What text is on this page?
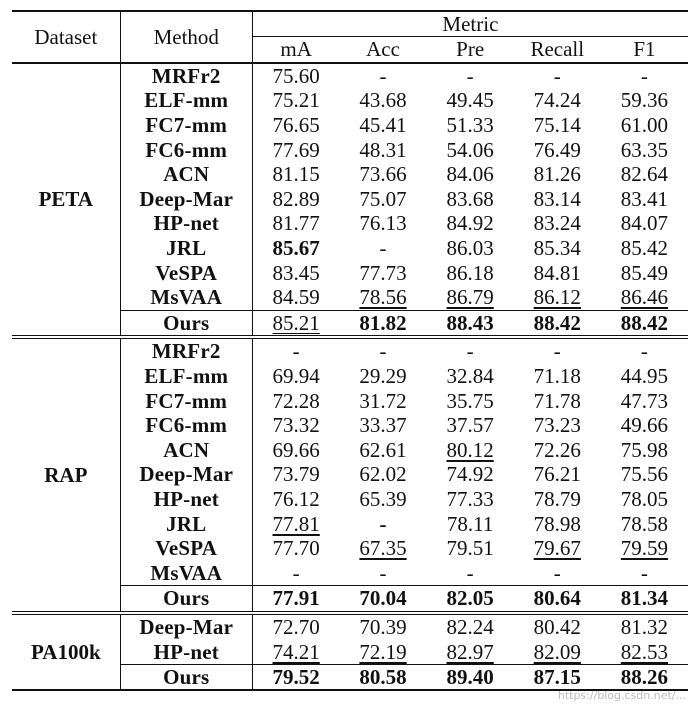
Dataset	Method	Metric				
		mA	Acc	Pre	Recall	F1
PETA	MRFr2	75.60	-	-	-	-
	ELF-mm	75.21	43.68	49.45	74.24	59.36
	FC7-mm	76.65	45.41	51.33	75.14	61.00
	FC6-mm	77.69	48.31	54.06	76.49	63.35
	ACN	81.15	73.66	84.06	81.26	82.64
	Deep-Mar	82.89	75.07	83.68	83.14	83.41
	HP-net	81.77	76.13	84.92	83.24	84.07
	JRL	85.67	-	86.03	85.34	85.42
	VeSPA	83.45	77.73	86.18	84.81	85.49
	MsVAA	84.59	78.56	86.79	86.12	86.46
	Ours	85.21	81.82	88.43	88.42	88.42
RAP	MRFr2	-	-	-	-	-
	ELF-mm	69.94	29.29	32.84	71.18	44.95
	FC7-mm	72.28	31.72	35.75	71.78	47.73
	FC6-mm	73.32	33.37	37.57	73.23	49.66
	ACN	69.66	62.61	80.12	72.26	75.98
	Deep-Mar	73.79	62.02	74.92	76.21	75.56
	HP-net	76.12	65.39	77.33	78.79	78.05
	JRL	77.81	-	78.11	78.98	78.58
	VeSPA	77.70	67.35	79.51	79.67	79.59
	MsVAA	-	-	-	-	-
	Ours	77.91	70.04	82.05	80.64	81.34
PA100k	Deep-Mar	72.70	70.39	82.24	80.42	81.32
	HP-net	74.21	72.19	82.97	82.09	82.53
	Ours	79.52	80.58	89.40	87.15	88.26
https://blog.csdn.net/...
